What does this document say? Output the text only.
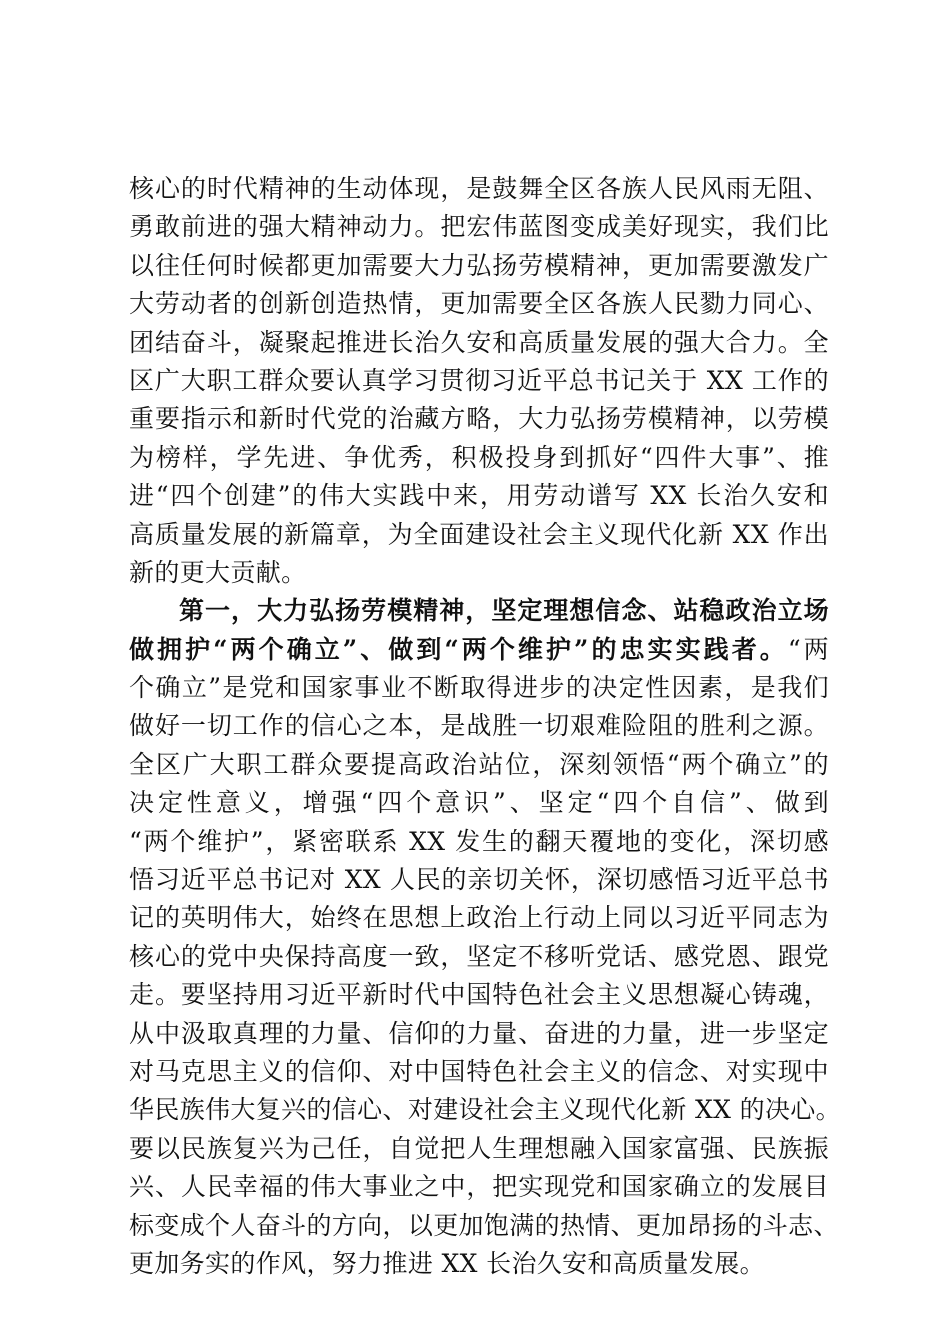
核心的时代精神的生动体现，是鼓舞全区各族人民风雨无阻、
勇敢前进的强大精神动力。把宏伟蓝图变成美好现实，我们比
以往任何时候都更加需要大力弘扬劳模精神，更加需要激发广
大劳动者的创新创造热情，更加需要全区各族人民勠力同心、
团结奋斗，凝聚起推进长治久安和高质量发展的强大合力。全
区广大职工群众要认真学习贯彻习近平总书记关于 XX 工作的
重要指示和新时代党的治藏方略，大力弘扬劳模精神，以劳模
为榜样，学先进、争优秀，积极投身到抓好“四件大事”、推
进“四个创建”的伟大实践中来，用劳动谱写 XX 长治久安和
高质量发展的新篇章，为全面建设社会主义现代化新 XX 作出
新的更大贡献。
第一，大力弘扬劳模精神，坚定理想信念、站稳政治立场
做拥护“两个确立”、做到“两个维护”的忠实实践者。“两
个确立”是党和国家事业不断取得进步的决定性因素，是我们
做好一切工作的信心之本，是战胜一切艰难险阻的胜利之源。
全区广大职工群众要提高政治站位，深刻领悟“两个确立”的
决定性意义，增强“四个意识”、坚定“四个自信”、做到
“两个维护”，紧密联系 XX 发生的翻天覆地的变化，深切感
悟习近平总书记对 XX 人民的亲切关怀，深切感悟习近平总书
记的英明伟大，始终在思想上政治上行动上同以习近平同志为
核心的党中央保持高度一致，坚定不移听党话、感党恩、跟党
走。要坚持用习近平新时代中国特色社会主义思想凝心铸魂，
从中汲取真理的力量、信仰的力量、奋进的力量，进一步坚定
对马克思主义的信仰、对中国特色社会主义的信念、对实现中
华民族伟大复兴的信心、对建设社会主义现代化新 XX 的决心。
要以民族复兴为己任，自觉把人生理想融入国家富强、民族振
兴、人民幸福的伟大事业之中，把实现党和国家确立的发展目
标变成个人奋斗的方向，以更加饱满的热情、更加昂扬的斗志、
更加务实的作风，努力推进 XX 长治久安和高质量发展。
